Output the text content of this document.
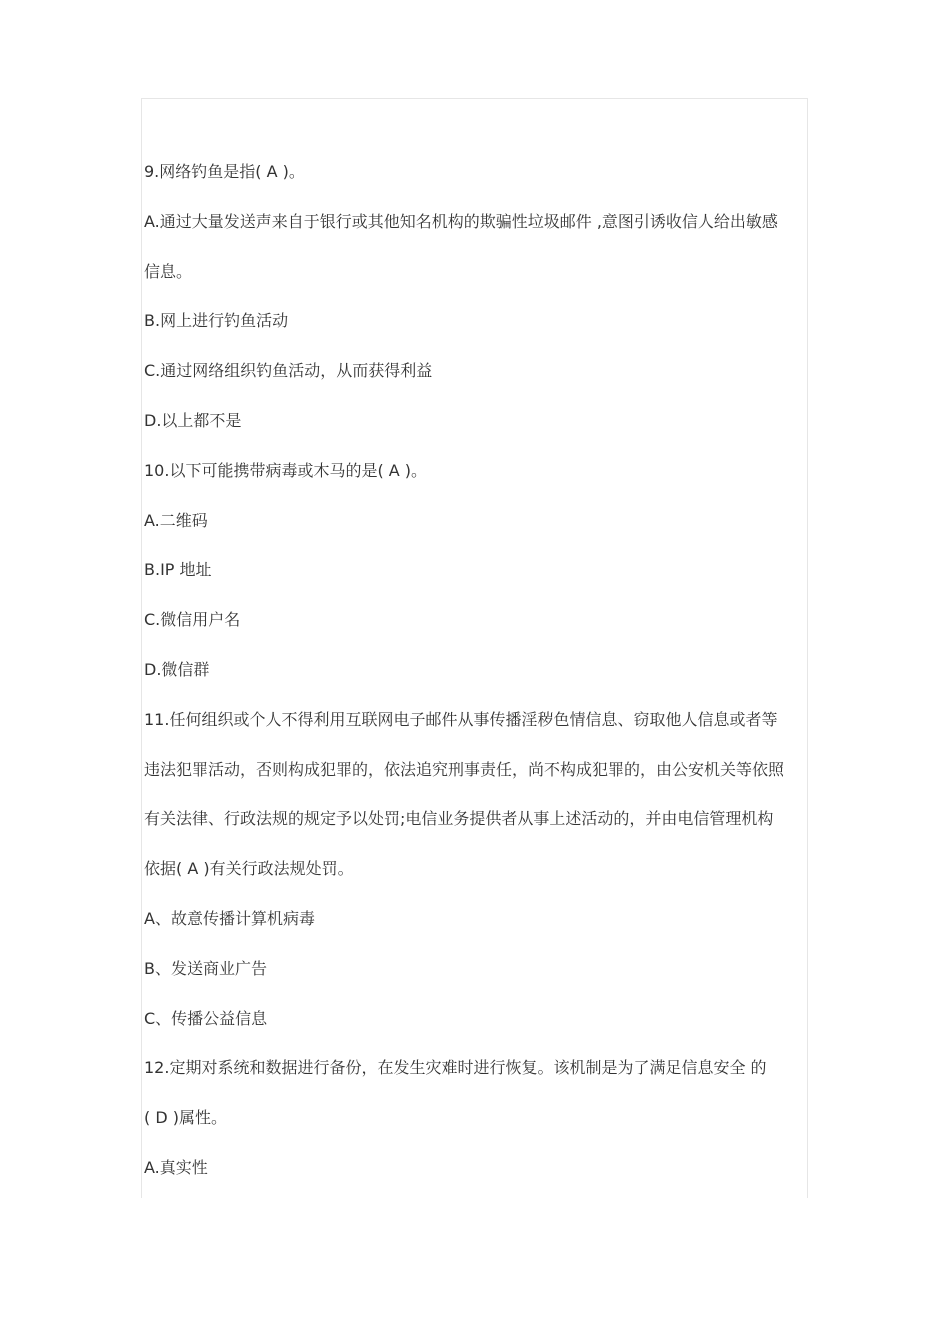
9.网络钓鱼是指( A )。
A.通过大量发送声来自于银行或其他知名机构的欺骗性垃圾邮件 ,意图引诱收信人给出敏感
信息。
B.网上进行钓鱼活动
C.通过网络组织钓鱼活动，从而获得利益
D.以上都不是
10.以下可能携带病毒或木马的是( A )。
A.二维码
B.IP 地址
C.微信用户名
D.微信群
11.任何组织或个人不得利用互联网电子邮件从事传播淫秽色情信息、窃取他人信息或者等
违法犯罪活动，否则构成犯罪的，依法追究刑事责任，尚不构成犯罪的，由公安机关等依照
有关法律、行政法规的规定予以处罚;电信业务提供者从事上述活动的，并由电信管理机构
依据( A )有关行政法规处罚。
A、故意传播计算机病毒
B、发送商业广告
C、传播公益信息
12.定期对系统和数据进行备份，在发生灾难时进行恢复。该机制是为了满足信息安全 的
( D )属性。
A.真实性
